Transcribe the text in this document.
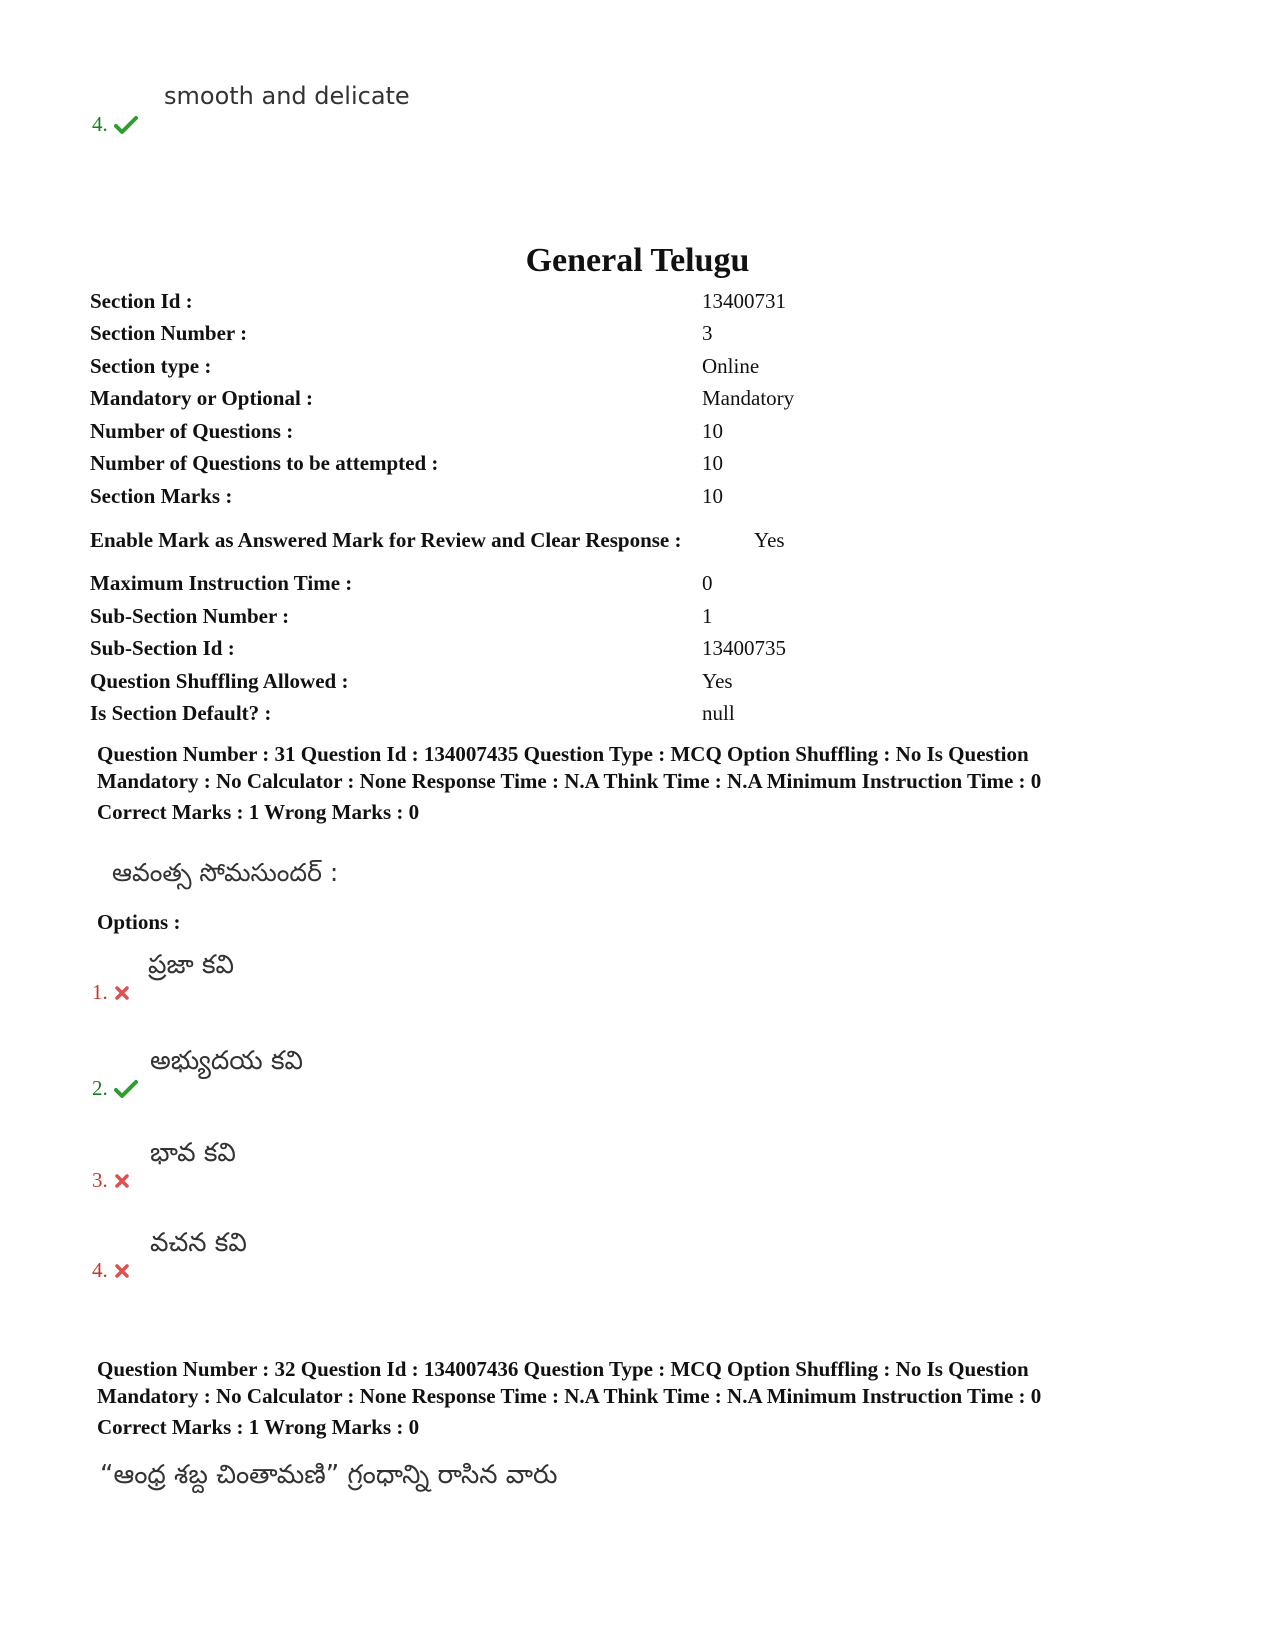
4.
smooth and delicate
General Telugu
Section Id :	13400731
Section Number :	3
Section type :	Online
Mandatory or Optional :	Mandatory
Number of Questions :	10
Number of Questions to be attempted :	10
Section Marks :	10
Enable Mark as Answered Mark for Review and Clear Response :	Yes
Maximum Instruction Time :	0
Sub-Section Number :	1
Sub-Section Id :	13400735
Question Shuffling Allowed :	Yes
Is Section Default? :	null
Question Number : 31 Question Id : 134007435 Question Type : MCQ Option Shuffling : No Is Question
Mandatory : No Calculator : None Response Time : N.A Think Time : N.A Minimum Instruction Time : 0
Correct Marks : 1 Wrong Marks : 0
ఆవంత్స సోమసుందర్ :
Options :
1.
ప్రజా కవి
2.
అభ్యుదయ కవి
3.
భావ కవి
4.
వచన కవి
Question Number : 32 Question Id : 134007436 Question Type : MCQ Option Shuffling : No Is Question
Mandatory : No Calculator : None Response Time : N.A Think Time : N.A Minimum Instruction Time : 0
Correct Marks : 1 Wrong Marks : 0
“ఆంధ్ర శబ్ద చింతామణి” గ్రంధాన్ని రాసిన వారు
